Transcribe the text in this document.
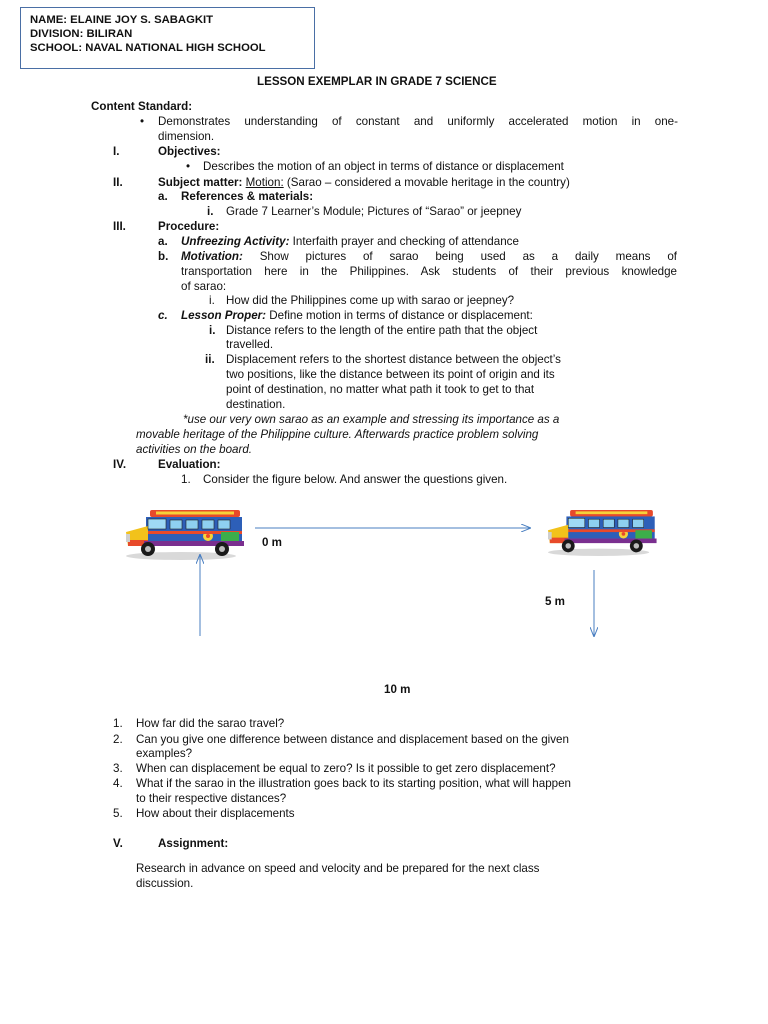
NAME: ELAINE JOY S. SABAGKIT
DIVISION: BILIRAN
SCHOOL: NAVAL NATIONAL HIGH SCHOOL
LESSON EXEMPLAR IN GRADE 7 SCIENCE
Content Standard:
• Demonstrates understanding of constant and uniformly accelerated motion in one-
dimension.
I.	Objectives:
• Describes the motion of an object in terms of distance or displacement
II.	Subject matter: Motion: (Sarao – considered a movable heritage in the country)
a. References & materials:
i. Grade 7 Learner’s Module; Pictures of “Sarao” or jeepney
III.	Procedure:
a. Unfreezing Activity: Interfaith prayer and checking of attendance
b. Motivation: Show pictures of sarao being used as a daily means of
transportation here in the Philippines. Ask students of their previous knowledge
of sarao:
i. How did the Philippines come up with sarao or jeepney?
c. Lesson Proper: Define motion in terms of distance or displacement:
i. Distance refers to the length of the entire path that the object
travelled.
ii. Displacement refers to the shortest distance between the object’s
two positions, like the distance between its point of origin and its
point of destination, no matter what path it took to get to that
destination.
*use our very own sarao as an example and stressing its importance as a
movable heritage of the Philippine culture. Afterwards practice problem solving
activities on the board.
IV.	Evaluation:
1. Consider the figure below. And answer the questions given.
0 m
5 m
10 m
1. How far did the sarao travel?
2. Can you give one difference between distance and displacement based on the given
examples?
3. When can displacement be equal to zero? Is it possible to get zero displacement?
4. What if the sarao in the illustration goes back to its starting position, what will happen
to their respective distances?
5. How about their displacements
V.	Assignment:
Research in advance on speed and velocity and be prepared for the next class
discussion.
